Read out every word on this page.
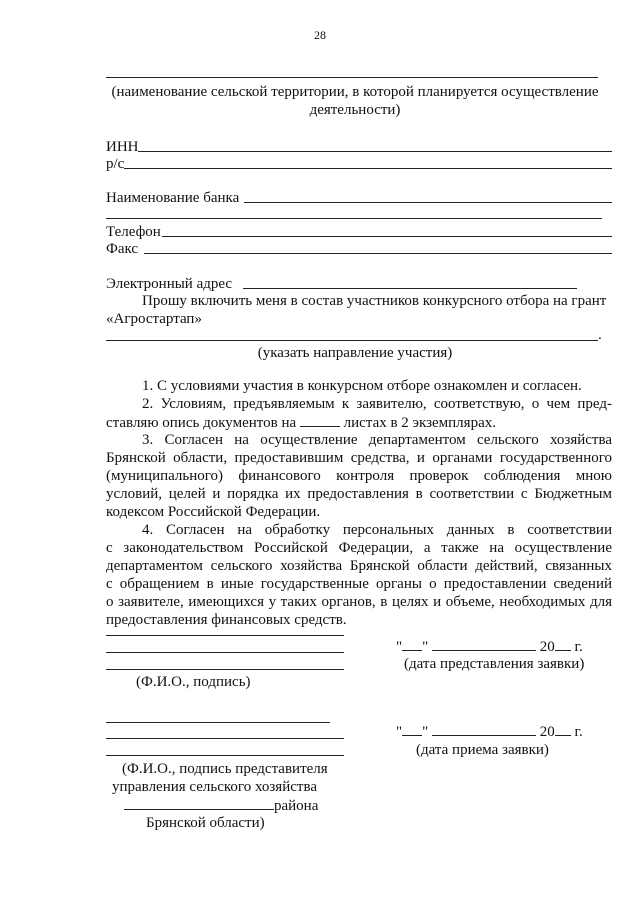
28
(наименование сельской территории, в которой планируется осуществление
деятельности)
ИНН
р/с
Наименование банка
Телефон
Факс
Электронный адрес
Прошу включить меня в состав участников конкурсного отбора на грант
«Агростартап»
.
(указать направление участия)
1. С условиями участия в конкурсном отборе ознакомлен и согласен.
2. Условиям, предъявляемым к заявителю, соответствую, о чем пред-
ставляю опись документов на	листах в 2 экземплярах.
3. Согласен на осуществление департаментом сельского хозяйства
Брянской области, предоставившим средства, и органами государственного
(муниципального) финансового контроля проверок соблюдения мною
условий, целей и порядка их предоставления в соответствии с Бюджетным
кодексом Российской Федерации.
4. Согласен на обработку персональных данных в соответствии
с законодательством Российской Федерации, а также на осуществление
департаментом сельского хозяйства Брянской области действий, связанных
с обращением в иные государственные органы о предоставлении сведений
о заявителе, имеющихся у таких органов, в целях и объеме, необходимых для
предоставления финансовых средств.
(Ф.И.О., подпись)
" "	20 г.
(дата представления заявки)
" "	20 г.
(дата приема заявки)
(Ф.И.О., подпись представителя
управления сельского хозяйства
района
Брянской области)
